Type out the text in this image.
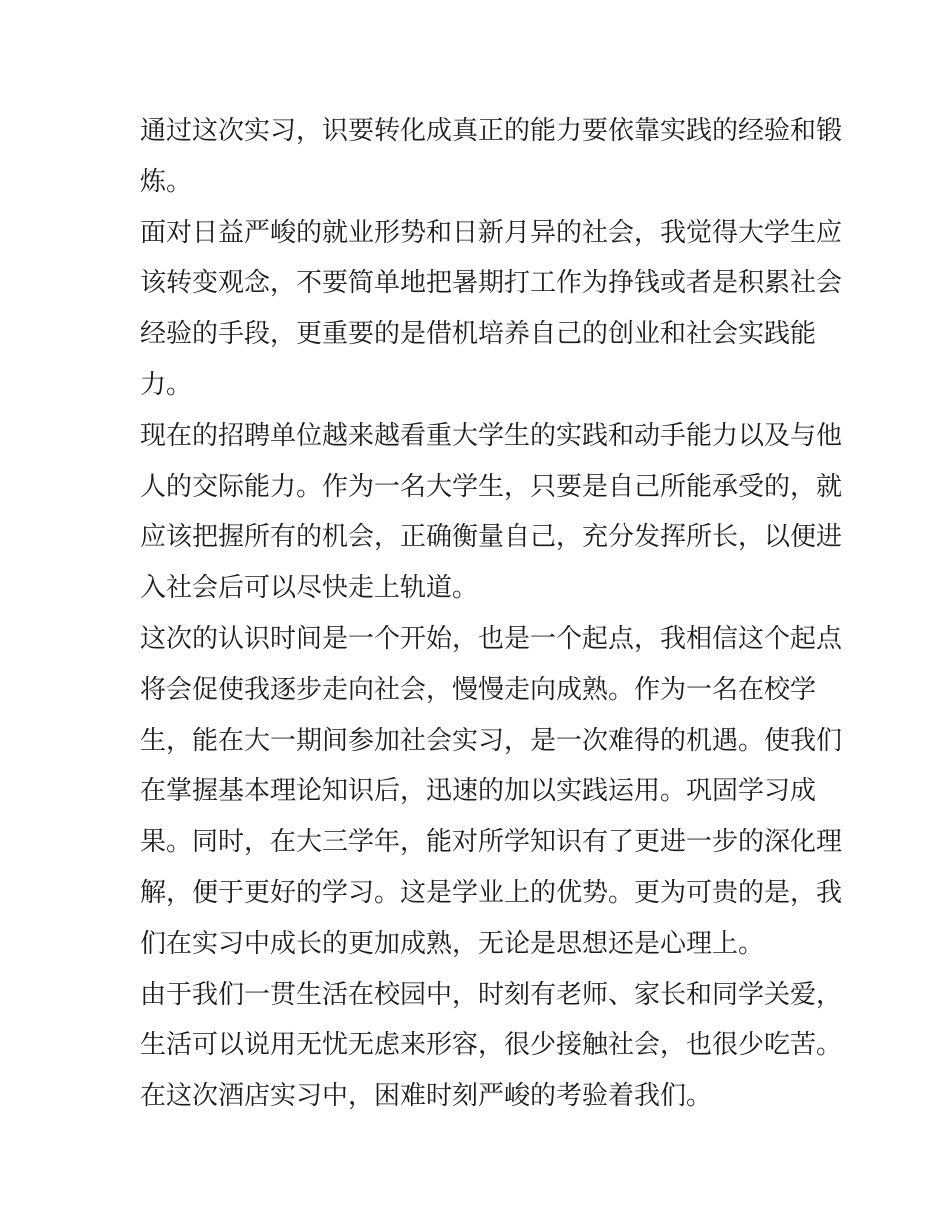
通过这次实习，识要转化成真正的能力要依靠实践的经验和锻
炼。
面对日益严峻的就业形势和日新月异的社会，我觉得大学生应
该转变观念，不要简单地把暑期打工作为挣钱或者是积累社会
经验的手段，更重要的是借机培养自己的创业和社会实践能
力。
现在的招聘单位越来越看重大学生的实践和动手能力以及与他
人的交际能力。作为一名大学生，只要是自己所能承受的，就
应该把握所有的机会，正确衡量自己，充分发挥所长，以便进
入社会后可以尽快走上轨道。
这次的认识时间是一个开始，也是一个起点，我相信这个起点
将会促使我逐步走向社会，慢慢走向成熟。作为一名在校学
生，能在大一期间参加社会实习，是一次难得的机遇。使我们
在掌握基本理论知识后，迅速的加以实践运用。巩固学习成
果。同时，在大三学年，能对所学知识有了更进一步的深化理
解，便于更好的学习。这是学业上的优势。更为可贵的是，我
们在实习中成长的更加成熟，无论是思想还是心理上。
由于我们一贯生活在校园中，时刻有老师、家长和同学关爱，
生活可以说用无忧无虑来形容，很少接触社会，也很少吃苦。
在这次酒店实习中，困难时刻严峻的考验着我们。
